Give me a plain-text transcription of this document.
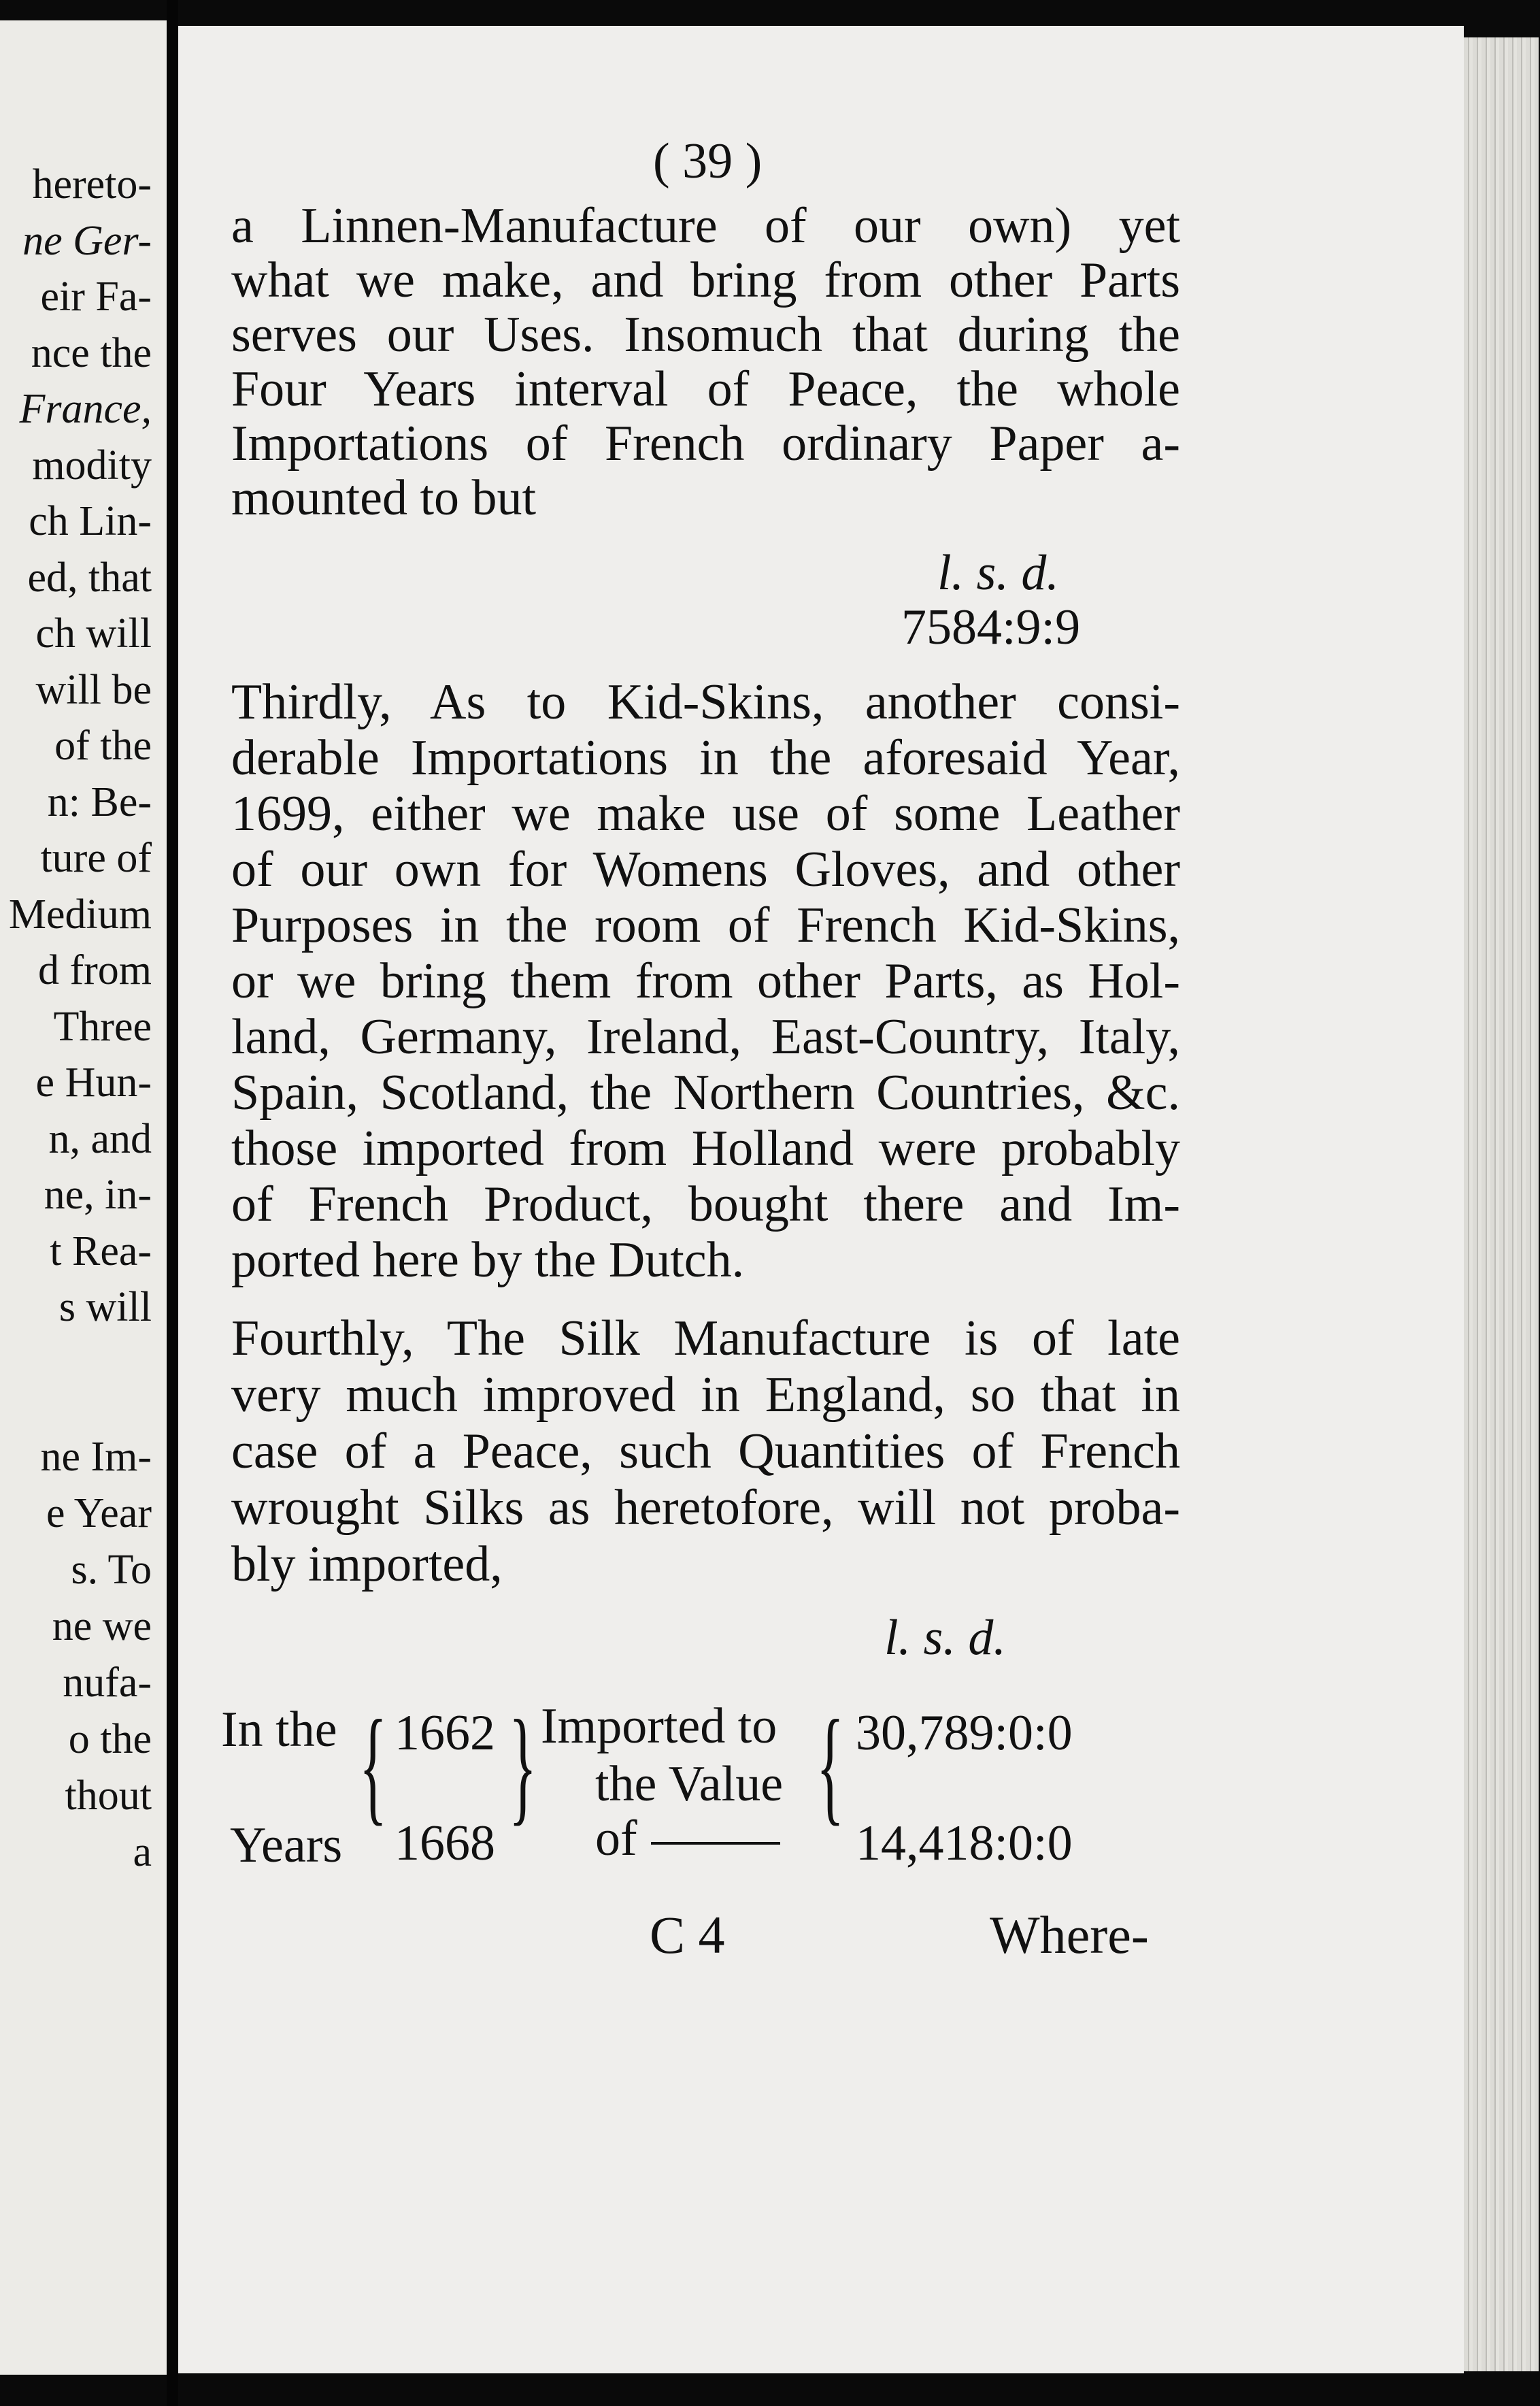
hereto-
ne Ger-
eir Fa-
nce the
France,
modity
ch Lin-
ed, that
ch will
will be
of the
n: Be-
ture of
Medium
d from
Three
e Hun-
n, and
ne, in-
t Rea-
s will
ne Im-
e Year
s. To
ne we
nufa-
o the
thout
a
( 39 )
a Linnen-Manufacture of our own) yet
what we make, and bring from other Parts
serves our Uses. Insomuch that during the
Four Years interval of Peace, the whole
Importations of French ordinary Paper a-
mounted to but
l. s. d.
7584:9:9
Thirdly, As to Kid-Skins, another consi-
derable Importations in the aforesaid Year,
1699, either we make use of some Leather
of our own for Womens Gloves, and other
Purposes in the room of French Kid-Skins,
or we bring them from other Parts, as Hol-
land, Germany, Ireland, East-Country, Italy,
Spain, Scotland, the Northern Countries, &c.
those imported from Holland were probably
of French Product, bought there and Im-
ported here by the Dutch.
Fourthly, The Silk Manufacture is of late
very much improved in England, so that in
case of a Peace, such Quantities of French
wrought Silks as heretofore, will not proba-
bly imported,
l. s. d.
In the
Years
{ 1662
1668
} Imported to
the Value
of
{ 30,789:0:0
14,418:0:0
C 4	Where-
